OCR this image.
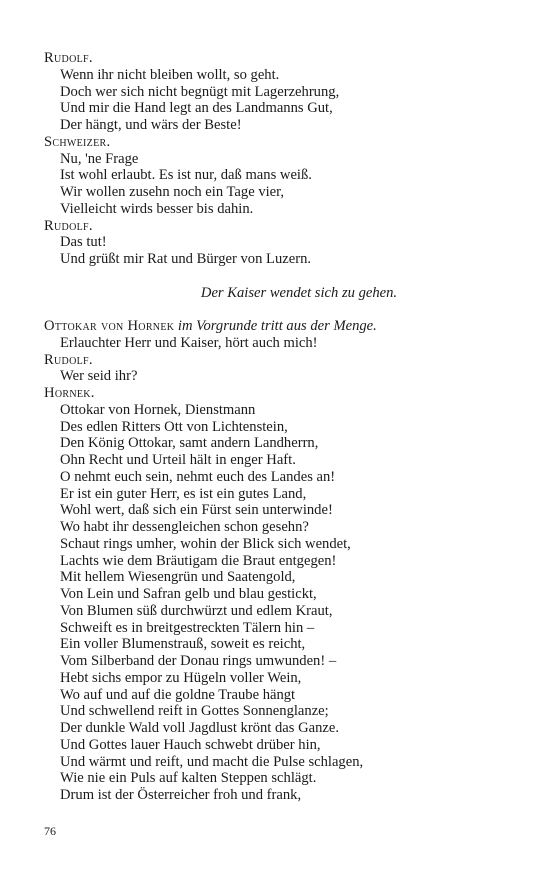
Rudolf.
Wenn ihr nicht bleiben wollt, so geht.
Doch wer sich nicht begnügt mit Lagerzehrung,
Und mir die Hand legt an des Landmanns Gut,
Der hängt, und wärs der Beste!
Schweizer.
Nu, 'ne Frage
Ist wohl erlaubt. Es ist nur, daß mans weiß.
Wir wollen zusehn noch ein Tage vier,
Vielleicht wirds besser bis dahin.
Rudolf.
Das tut!
Und grüßt mir Rat und Bürger von Luzern.
Der Kaiser wendet sich zu gehen.
Ottokar von Hornek im Vorgrunde tritt aus der Menge.
Erlauchter Herr und Kaiser, hört auch mich!
Rudolf.
Wer seid ihr?
Hornek.
Ottokar von Hornek, Dienstmann
Des edlen Ritters Ott von Lichtenstein,
Den König Ottokar, samt andern Landherrn,
Ohn Recht und Urteil hält in enger Haft.
O nehmt euch sein, nehmt euch des Landes an!
Er ist ein guter Herr, es ist ein gutes Land,
Wohl wert, daß sich ein Fürst sein unterwinde!
Wo habt ihr dessengleichen schon gesehn?
Schaut rings umher, wohin der Blick sich wendet,
Lachts wie dem Bräutigam die Braut entgegen!
Mit hellem Wiesengrün und Saatengold,
Von Lein und Safran gelb und blau gestickt,
Von Blumen süß durchwürzt und edlem Kraut,
Schweift es in breitgestreckten Tälern hin –
Ein voller Blumenstrauß, soweit es reicht,
Vom Silberband der Donau rings umwunden! –
Hebt sichs empor zu Hügeln voller Wein,
Wo auf und auf die goldne Traube hängt
Und schwellend reift in Gottes Sonnenglanze;
Der dunkle Wald voll Jagdlust krönt das Ganze.
Und Gottes lauer Hauch schwebt drüber hin,
Und wärmt und reift, und macht die Pulse schlagen,
Wie nie ein Puls auf kalten Steppen schlägt.
Drum ist der Österreicher froh und frank,
76
